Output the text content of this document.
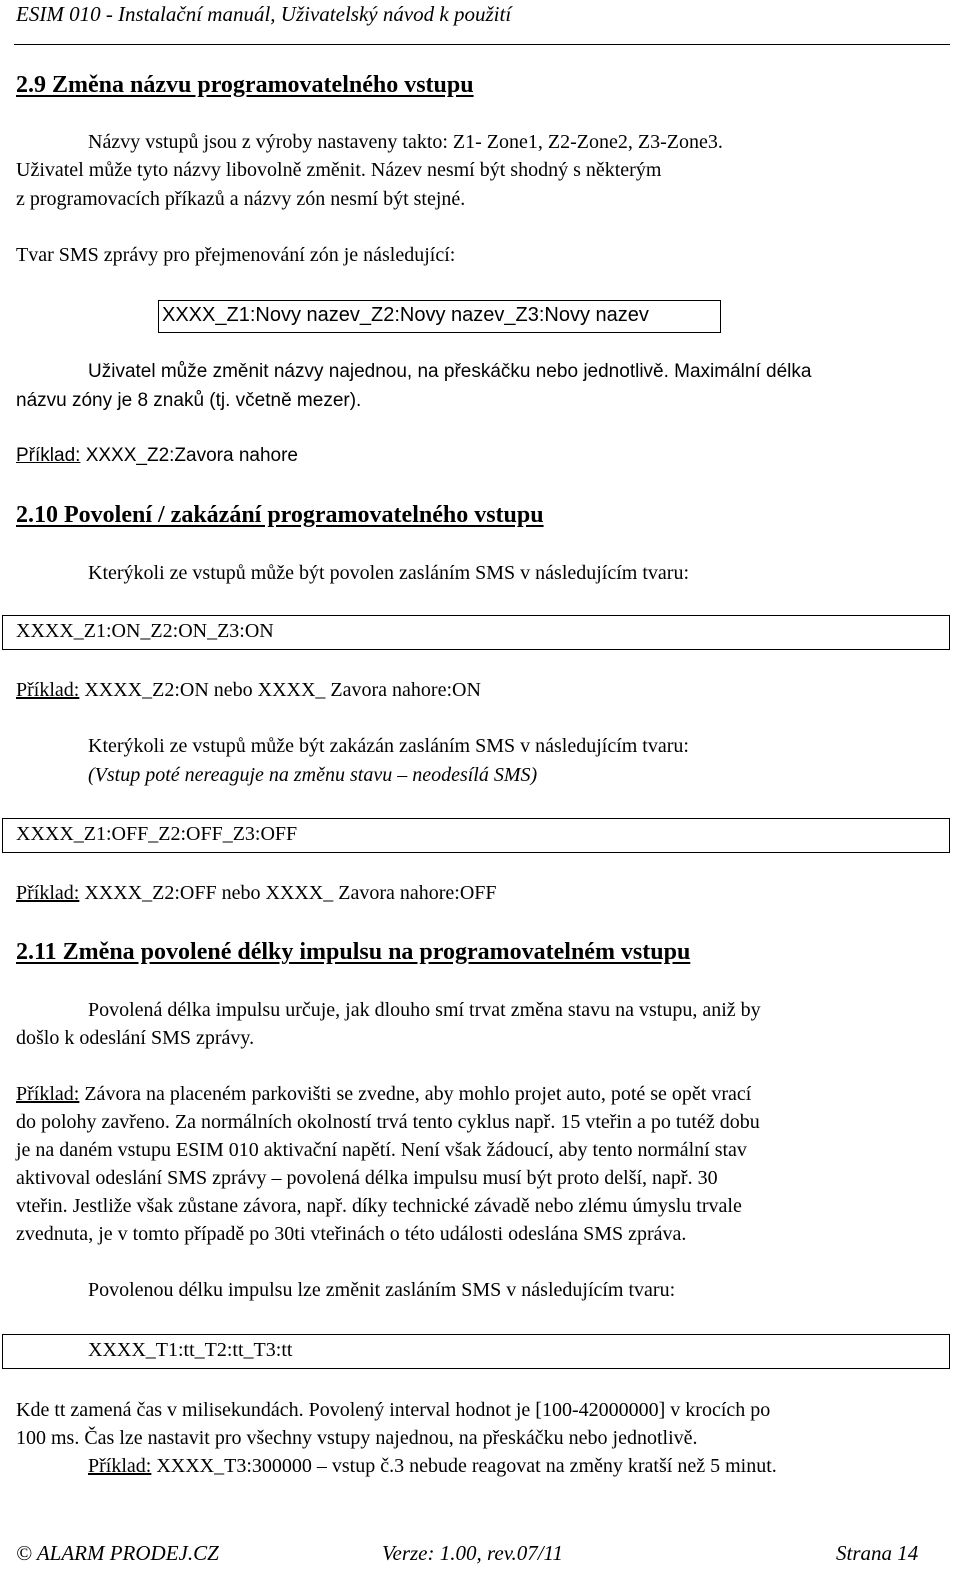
ESIM 010 - Instalační manuál, Uživatelský návod k použití
2.9 Změna názvu programovatelného vstupu
Názvy vstupů jsou z výroby nastaveny takto: Z1- Zone1, Z2-Zone2, Z3-Zone3.
Uživatel může tyto názvy libovolně změnit. Název nesmí být shodný s některým
z programovacích příkazů a názvy zón nesmí být stejné.
Tvar SMS zprávy pro přejmenování zón je následující:
XXXX_Z1:Novy nazev_Z2:Novy nazev_Z3:Novy nazev
Uživatel může změnit názvy najednou, na přeskáčku nebo jednotlivě. Maximální délka
názvu zóny je 8 znaků (tj. včetně mezer).
Příklad: XXXX_Z2:Zavora nahore
2.10 Povolení / zakázání programovatelného vstupu
Kterýkoli ze vstupů může být povolen zasláním SMS v následujícím tvaru:
XXXX_Z1:ON_Z2:ON_Z3:ON
Příklad: XXXX_Z2:ON nebo XXXX_ Zavora nahore:ON
Kterýkoli ze vstupů může být zakázán zasláním SMS v následujícím tvaru:
(Vstup poté nereaguje na změnu stavu – neodesílá SMS)
XXXX_Z1:OFF_Z2:OFF_Z3:OFF
Příklad: XXXX_Z2:OFF nebo XXXX_ Zavora nahore:OFF
2.11 Změna povolené délky impulsu na programovatelném vstupu
Povolená délka impulsu určuje, jak dlouho smí trvat změna stavu na vstupu, aniž by
došlo k odeslání SMS zprávy.
Příklad: Závora na placeném parkovišti se zvedne, aby mohlo projet auto, poté se opět vrací
do polohy zavřeno. Za normálních okolností trvá tento cyklus např. 15 vteřin a po tutéž dobu
je na daném vstupu ESIM 010 aktivační napětí. Není však žádoucí, aby tento normální stav
aktivoval odeslání SMS zprávy – povolená délka impulsu musí být proto delší, např. 30
vteřin. Jestliže však zůstane závora, např. díky technické závadě nebo zlému úmyslu trvale
zvednuta, je v tomto případě po 30ti vteřinách o této události odeslána SMS zpráva.
Povolenou délku impulsu lze změnit zasláním SMS v následujícím tvaru:
XXXX_T1:tt_T2:tt_T3:tt
Kde tt zamená čas v milisekundách. Povolený interval hodnot je [100-42000000] v krocích po
100 ms. Čas lze nastavit pro všechny vstupy najednou, na přeskáčku nebo jednotlivě.
Příklad: XXXX_T3:300000 – vstup č.3 nebude reagovat na změny kratší než 5 minut.
© ALARM PRODEJ.CZ	Verze: 1.00, rev.07/11	Strana 14
